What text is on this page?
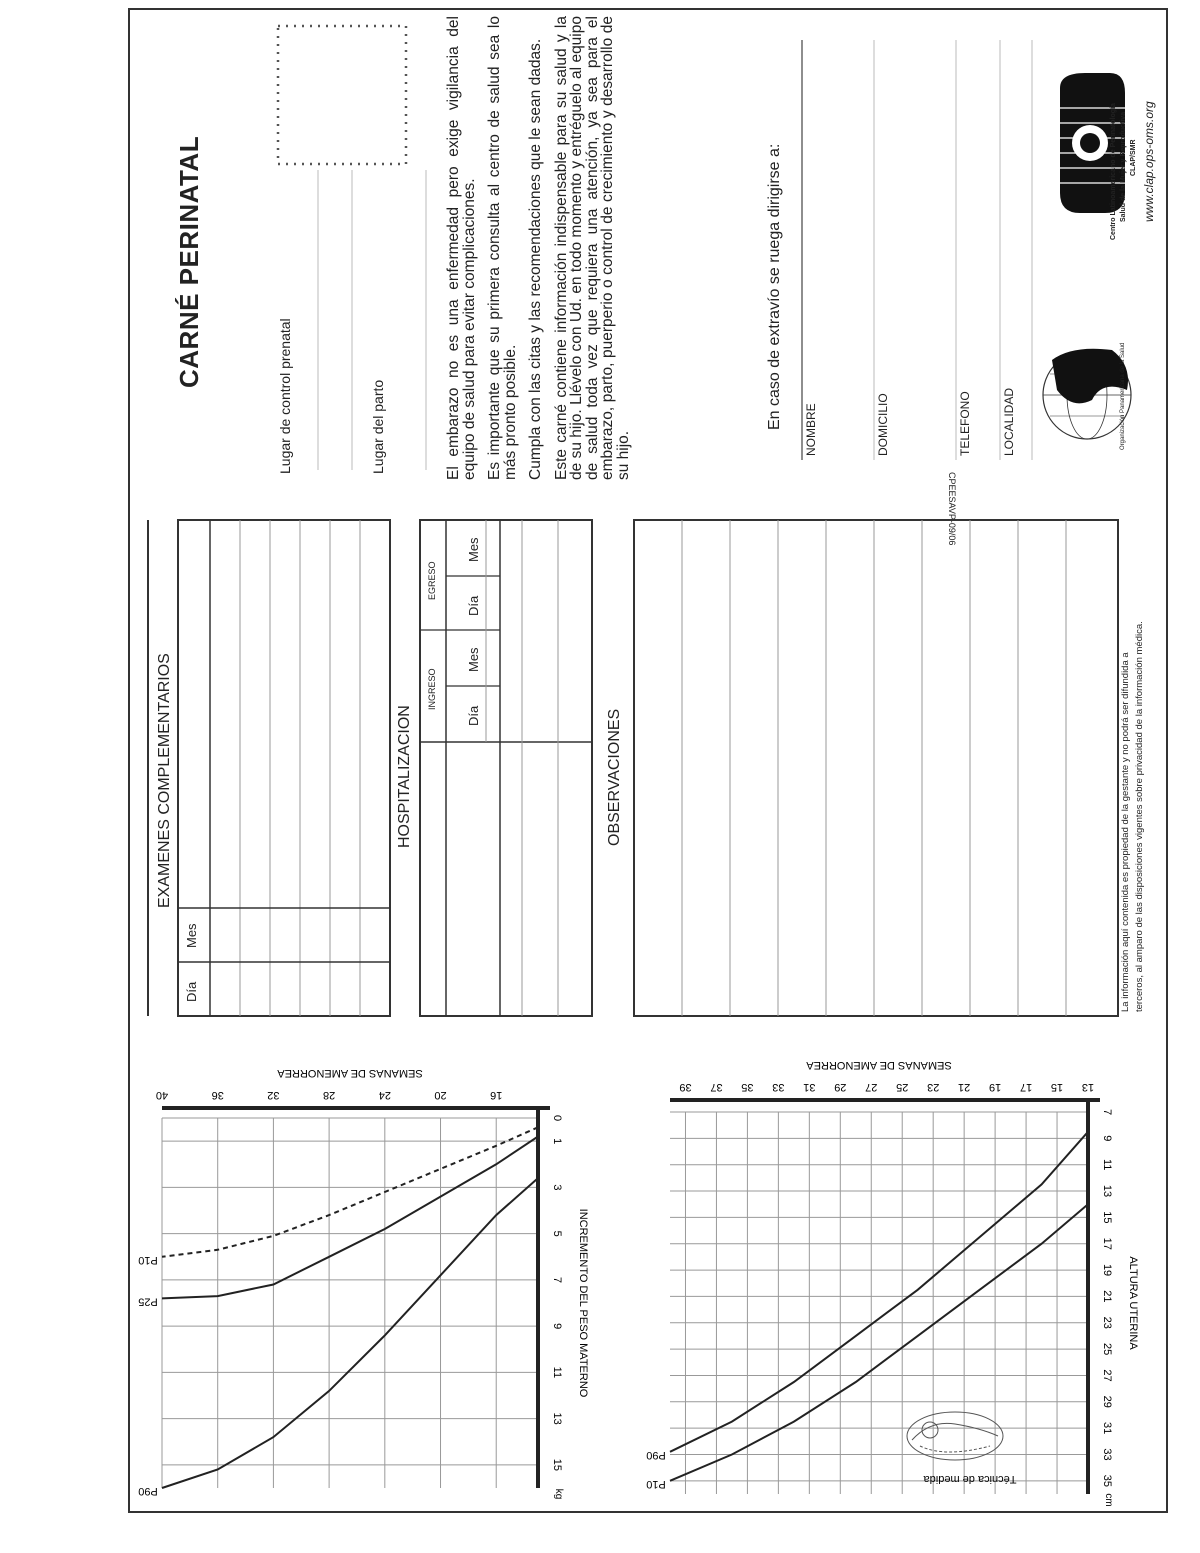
CARNÉ PERINATAL
Lugar de control prenatal	Lugar del parto	El embarazo no es una enfermedad pero exige vigilancia del equipo de salud para evitar complicaciones. Es importante que su primera consulta al centro de salud sea lo más pronto posible. Cumpla con las citas y las recomendaciones que le sean dadas. Este carné contiene información indispensable para su salud y la de su hijo. Llévelo con Ud. en todo momento y entréguelo al equipo de salud toda vez que requiera una atención, ya sea para el embarazo, parto, puerperio o control de crecimiento y desarrollo de su hijo.

En caso de extravío se ruega dirigirse a: NOMBRE	DOMICILIO	TELEFONO	LOCALIDAD
CPEESAVP-09/06
Organización Panamericana de la Salud
Centro Latinoamericano de Perinatología Salud de la Mujer y Reproductiva CLAP/SMR www.clap.ops-oms.org
EXAMENES COMPLEMENTARIOS
Día
Mes
HOSPITALIZACION
INGRESO
EGRESO
Día
Mes
Día
Mes
OBSERVACIONES	La información aquí contenida es propiedad de la gestante y no podrá ser difundida a terceros, al amparo de las disposiciones vigentes sobre privacidad de la información médica.
16
20
24
28
32
36
40
0
1
3
5
7
9
11
13
15
SEMANAS DE AMENORREA
INCREMENTO DEL PESO MATERNO
kg
P90
P25
P10
13
15
17
19
21
23
25
27
29
31
33
35
37
39
7
9
11
13
15
17
19
21
23
25
27
29
31
33
35
SEMANAS DE AMENORREA
ALTURA UTERINA
cm
P90
P10	Técnica de medida
